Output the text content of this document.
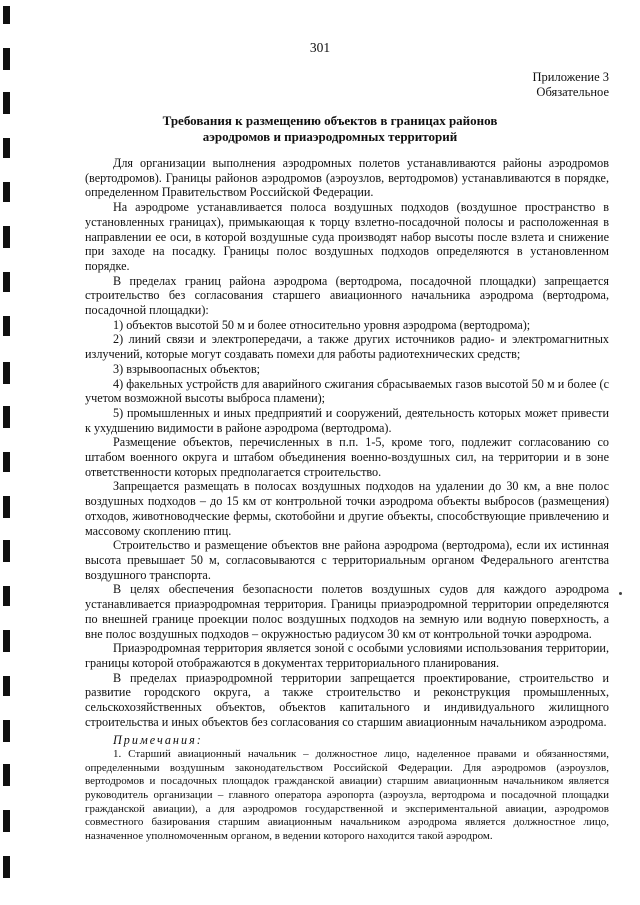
301
Приложение 3
Обязательное
Требования к размещению объектов в границах районов
аэродромов и приаэродромных территорий

Для организации выполнения аэродромных полетов устанавливаются районы аэродромов (вертодромов). Границы районов аэродромов (аэроузлов, вертодромов) устанавливаются в порядке, определенном Правительством Российской Федерации.

На аэродроме устанавливается полоса воздушных подходов (воздушное пространство в установленных границах), примыкающая к торцу взлетно-посадочной полосы и расположенная в направлении ее оси, в которой воздушные суда производят набор высоты после взлета и снижение при заходе на посадку. Границы полос воздушных подходов определяются в установленном порядке.

В пределах границ района аэродрома (вертодрома, посадочной площадки) запрещается строительство без согласования старшего авиационного начальника аэродрома (вертодрома, посадочной площадки):

1) объектов высотой 50 м и более относительно уровня аэродрома (вертодрома);

2) линий связи и электропередачи, а также других источников радио- и электромагнитных излучений, которые могут создавать помехи для работы радиотехнических средств;

3) взрывоопасных объектов;

4) факельных устройств для аварийного сжигания сбрасываемых газов высотой 50 м и более (с учетом возможной высоты выброса пламени);

5) промышленных и иных предприятий и сооружений, деятельность которых может привести к ухудшению видимости в районе аэродрома (вертодрома).

Размещение объектов, перечисленных в п.п. 1-5, кроме того, подлежит согласованию со штабом военного округа и штабом объединения военно-воздушных сил, на территории и в зоне ответственности которых предполагается строительство.

Запрещается размещать в полосах воздушных подходов на удалении до 30 км, а вне полос воздушных подходов – до 15 км от контрольной точки аэродрома объекты выбросов (размещения) отходов, животноводческие фермы, скотобойни и другие объекты, способствующие привлечению и массовому скоплению птиц.

Строительство и размещение объектов вне района аэродрома (вертодрома), если их истинная высота превышает 50 м, согласовываются с территориальным органом Федерального агентства воздушного транспорта.

В целях обеспечения безопасности полетов воздушных судов для каждого аэродрома устанавливается приаэродромная территория. Границы приаэродромной территории определяются по внешней границе проекции полос воздушных подходов на земную или водную поверхность, а вне полос воздушных подходов – окружностью радиусом 30 км от контрольной точки аэродрома.

Приаэродромная территория является зоной с особыми условиями использования территории, границы которой отображаются в документах территориального планирования.

В пределах приаэродромной территории запрещается проектирование, строительство и развитие городского округа, а также строительство и реконструкция промышленных, сельскохозяйственных объектов, объектов капитального и индивидуального жилищного строительства и иных объектов без согласования со старшим авиационным начальником аэродрома.

Примечания:

1. Старший авиационный начальник – должностное лицо, наделенное правами и обязанностями, определенными воздушным законодательством Российской Федерации. Для аэродромов (аэроузлов, вертодромов и посадочных площадок гражданской авиации) старшим авиационным начальником является руководитель организации – главного оператора аэропорта (аэроузла, вертодрома и посадочной площадки гражданской авиации), а для аэродромов государственной и экспериментальной авиации, аэродромов совместного базирования старшим авиационным начальником аэродрома является должностное лицо, назначенное уполномоченным органом, в ведении которого находится такой аэродром.
